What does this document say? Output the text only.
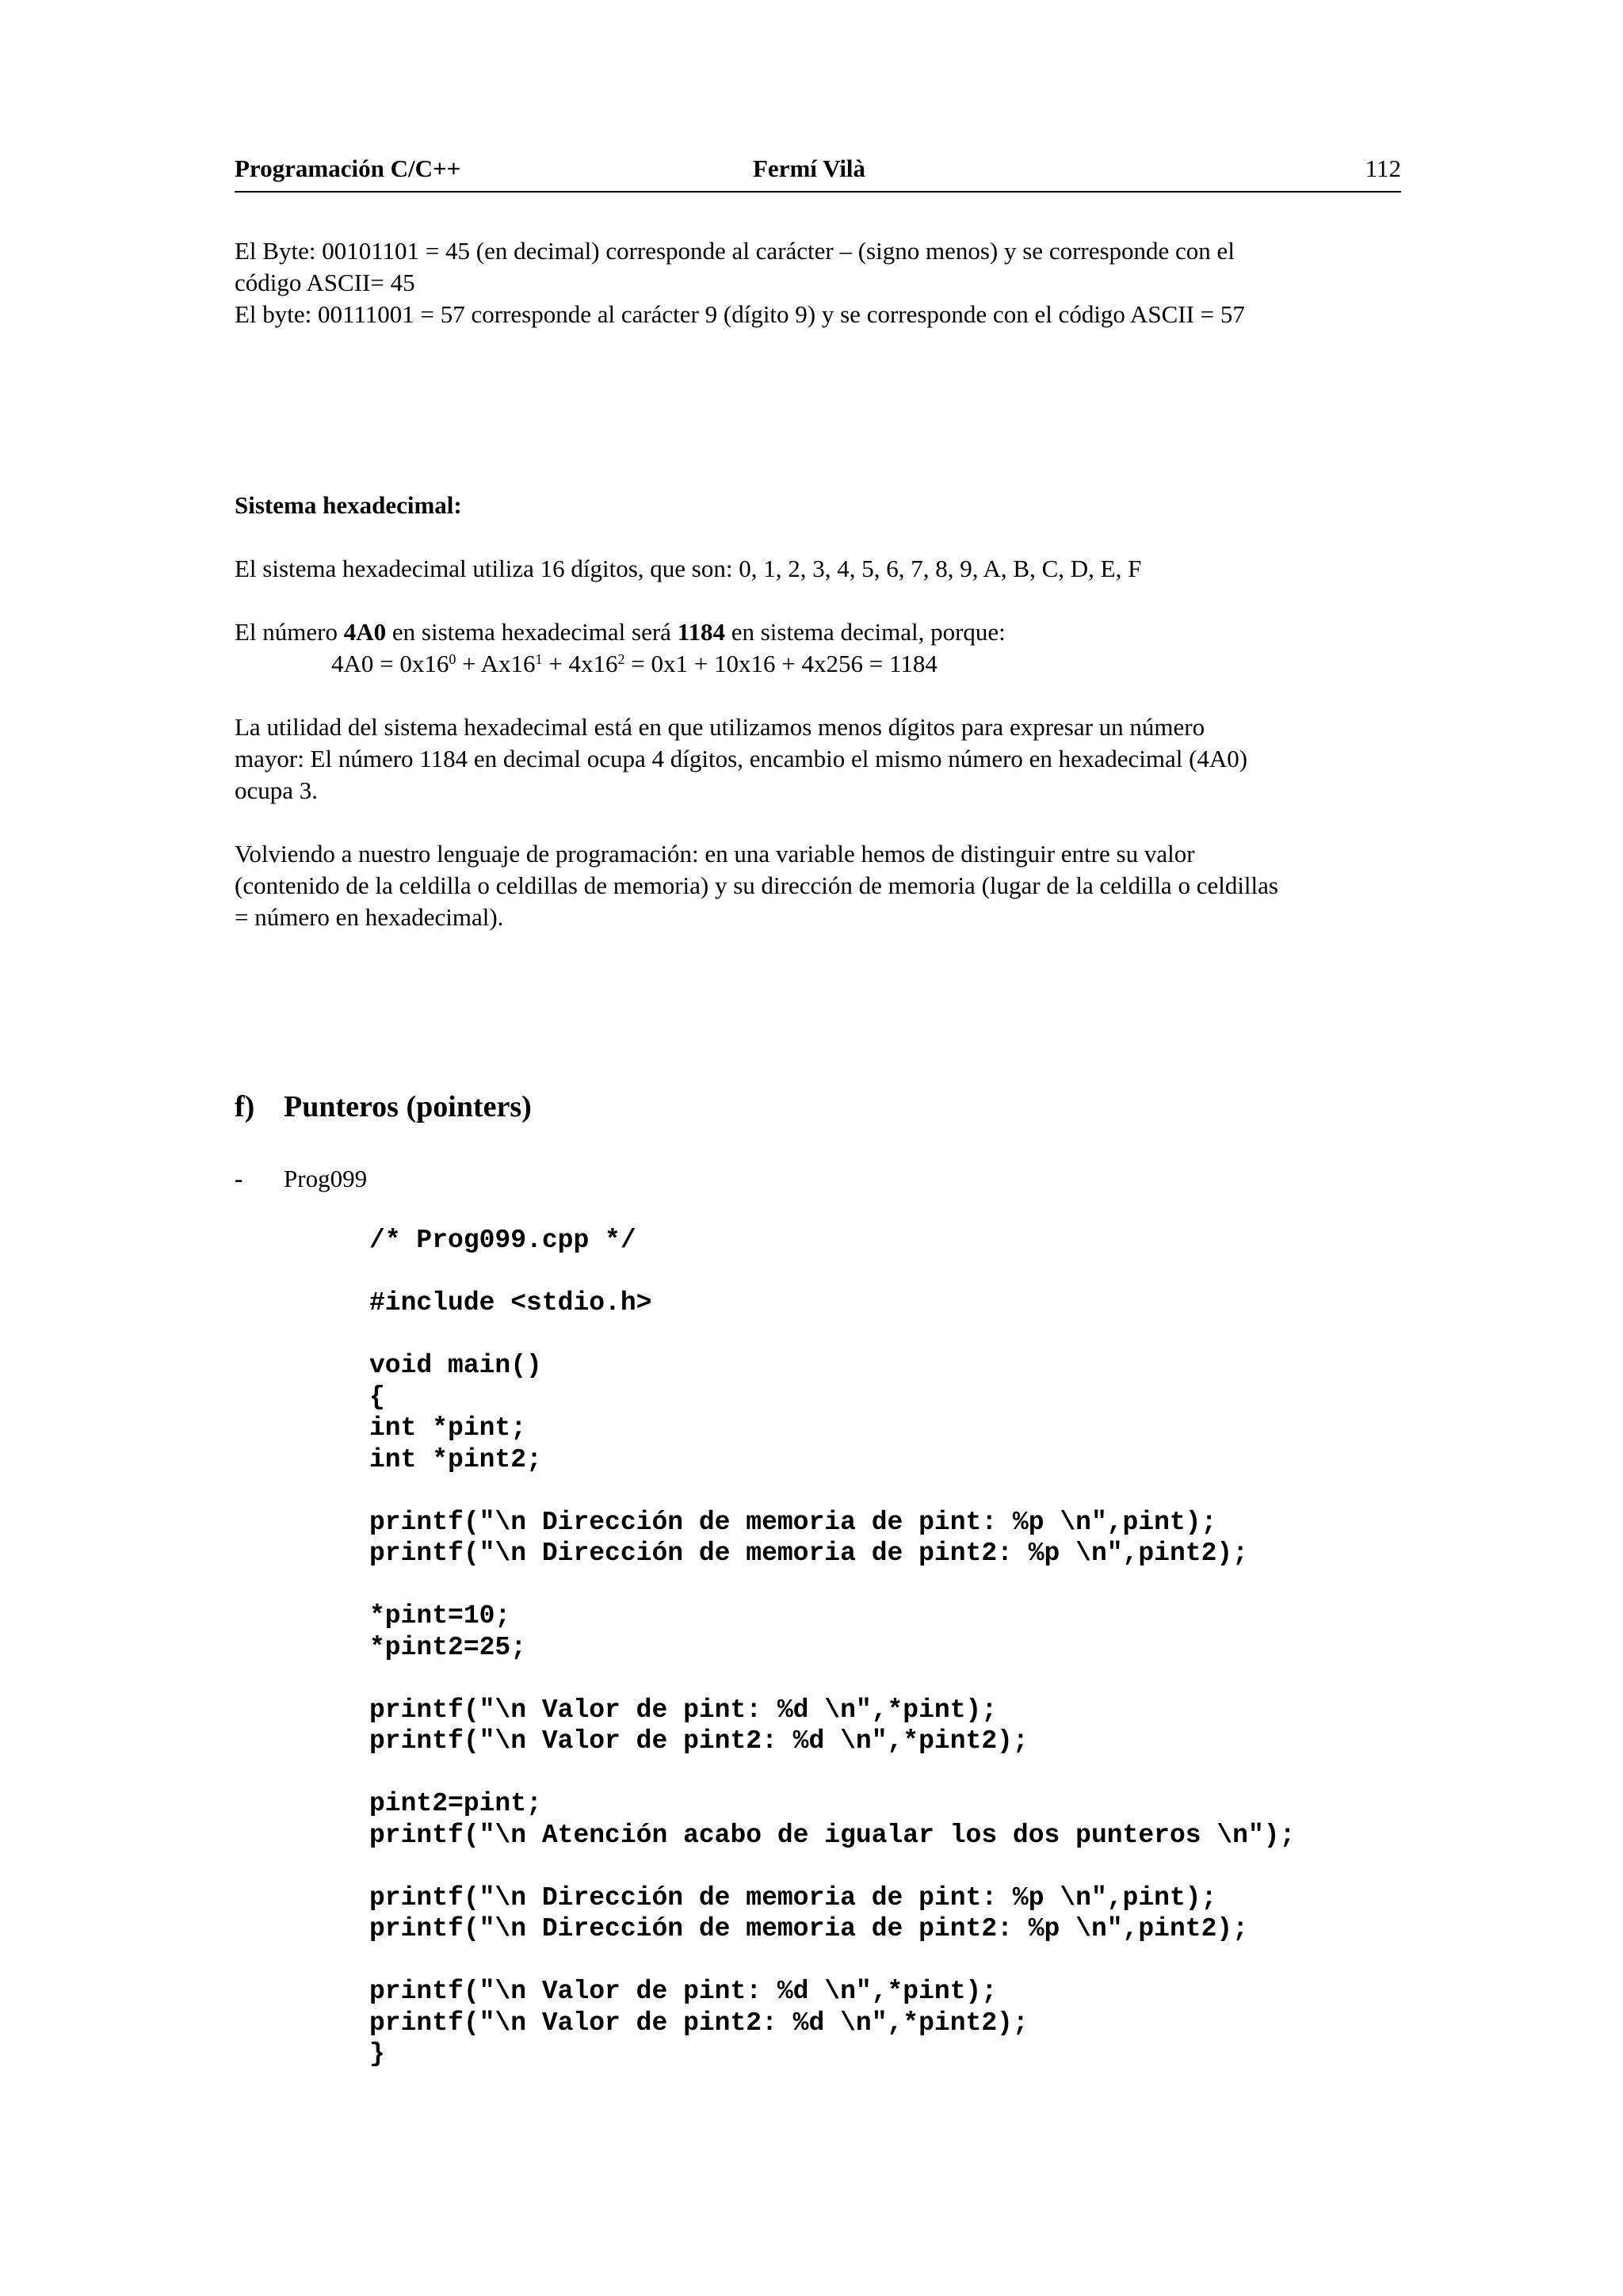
Programación C/C++	Fermí Vilà	112

El Byte: 00101101 = 45 (en decimal) corresponde al carácter – (signo menos) y se corresponde con el

código ASCII= 45

El byte: 00111001 = 57 corresponde al carácter 9 (dígito 9) y se corresponde con el código ASCII = 57

Sistema hexadecimal:

El sistema hexadecimal utiliza 16 dígitos, que son: 0, 1, 2, 3, 4, 5, 6, 7, 8, 9, A, B, C, D, E, F

El número 4A0 en sistema hexadecimal será 1184 en sistema decimal, porque:

$4A0 = 0x16^0 + Ax16^1 + 4x16^2 = 0x1 + 10x16 + 4x256 = 1184$

La utilidad del sistema hexadecimal está en que utilizamos menos dígitos para expresar un número

mayor: El número 1184 en decimal ocupa 4 dígitos, encambio el mismo número en hexadecimal (4A0)

ocupa 3.

Volviendo a nuestro lenguaje de programación: en una variable hemos de distinguir entre su valor

(contenido de la celdilla o celdillas de memoria) y su dirección de memoria (lugar de la celdilla o celdillas

= número en hexadecimal).

f) Punteros (pointers)
- Prog099

/* Prog099.cpp */

#include <stdio.h>

void main()

{

int *pint;

int *pint2;

printf("\n Dirección de memoria de pint: %p \n",pint);

printf("\n Dirección de memoria de pint2: %p \n",pint2);

*pint=10;

*pint2=25;

printf("\n Valor de pint: %d \n",*pint);

printf("\n Valor de pint2: %d \n",*pint2);

pint2=pint;

printf("\n Atención acabo de igualar los dos punteros \n");

printf("\n Dirección de memoria de pint: %p \n",pint);

printf("\n Dirección de memoria de pint2: %p \n",pint2);

printf("\n Valor de pint: %d \n",*pint);

printf("\n Valor de pint2: %d \n",*pint2);

}
